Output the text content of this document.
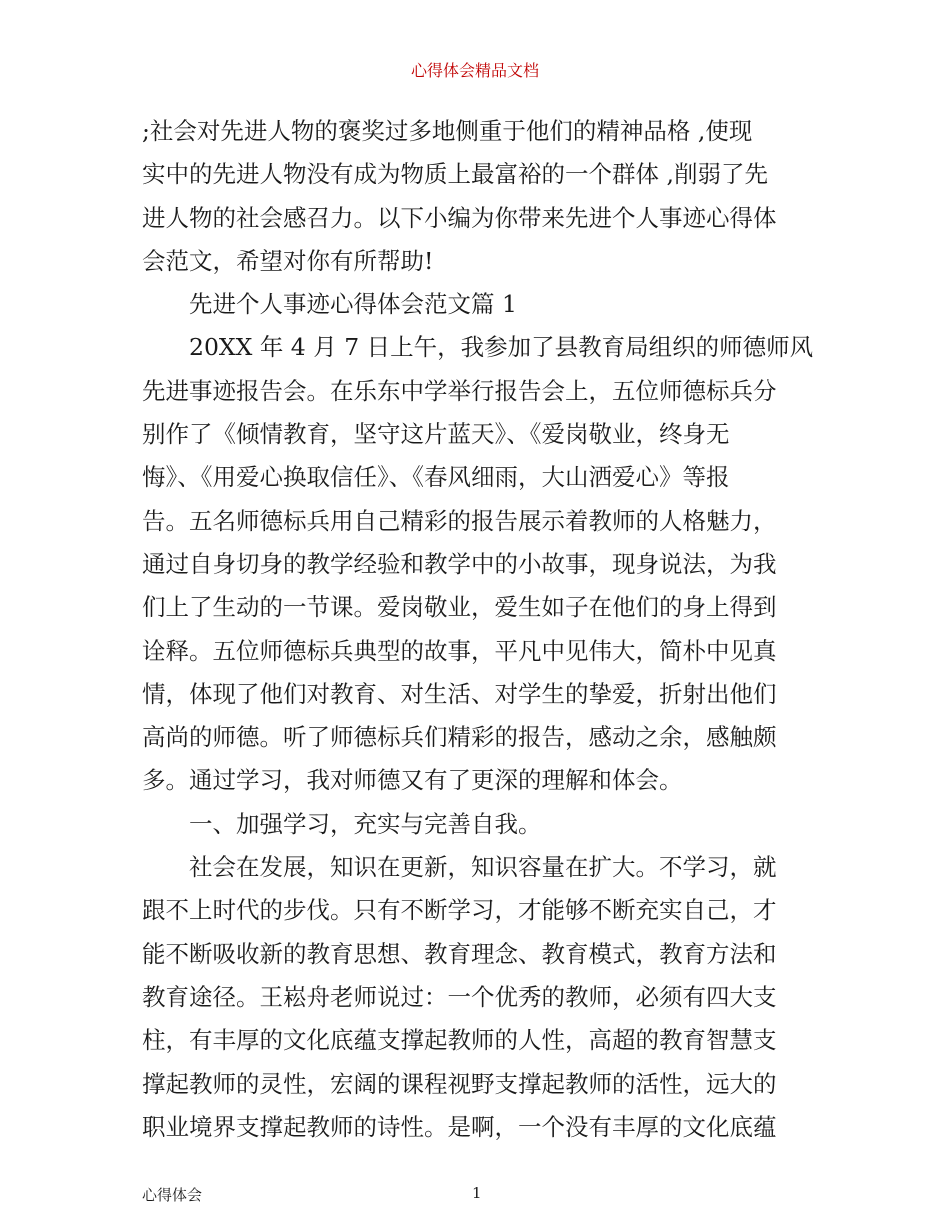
心得体会精品文档
;社会对先进人物的褒奖过多地侧重于他们的精神品格 ,使现
实中的先进人物没有成为物质上最富裕的一个群体 ,削弱了先
进人物的社会感召力。以下小编为你带来先进个人事迹心得体
会范文，希望对你有所帮助!
先进个人事迹心得体会范文篇 1
20XX 年 4 月 7 日上午，我参加了县教育局组织的师德师风
先进事迹报告会。在乐东中学举行报告会上，五位师德标兵分
别作了《倾情教育，坚守这片蓝天》、《爱岗敬业，终身无
悔》、《用爱心换取信任》、《春风细雨，大山洒爱心》等报
告。五名师德标兵用自己精彩的报告展示着教师的人格魅力，
通过自身切身的教学经验和教学中的小故事，现身说法，为我
们上了生动的一节课。爱岗敬业，爱生如子在他们的身上得到
诠释。五位师德标兵典型的故事，平凡中见伟大，简朴中见真
情，体现了他们对教育、对生活、对学生的挚爱，折射出他们
高尚的师德。听了师德标兵们精彩的报告，感动之余，感触颇
多。通过学习，我对师德又有了更深的理解和体会。
一、加强学习，充实与完善自我。
社会在发展，知识在更新，知识容量在扩大。不学习，就
跟不上时代的步伐。只有不断学习，才能够不断充实自己，才
能不断吸收新的教育思想、教育理念、教育模式，教育方法和
教育途径。王崧舟老师说过：一个优秀的教师，必须有四大支
柱，有丰厚的文化底蕴支撑起教师的人性，高超的教育智慧支
撑起教师的灵性，宏阔的课程视野支撑起教师的活性，远大的
职业境界支撑起教师的诗性。是啊，一个没有丰厚的文化底蕴
心得体会	1
